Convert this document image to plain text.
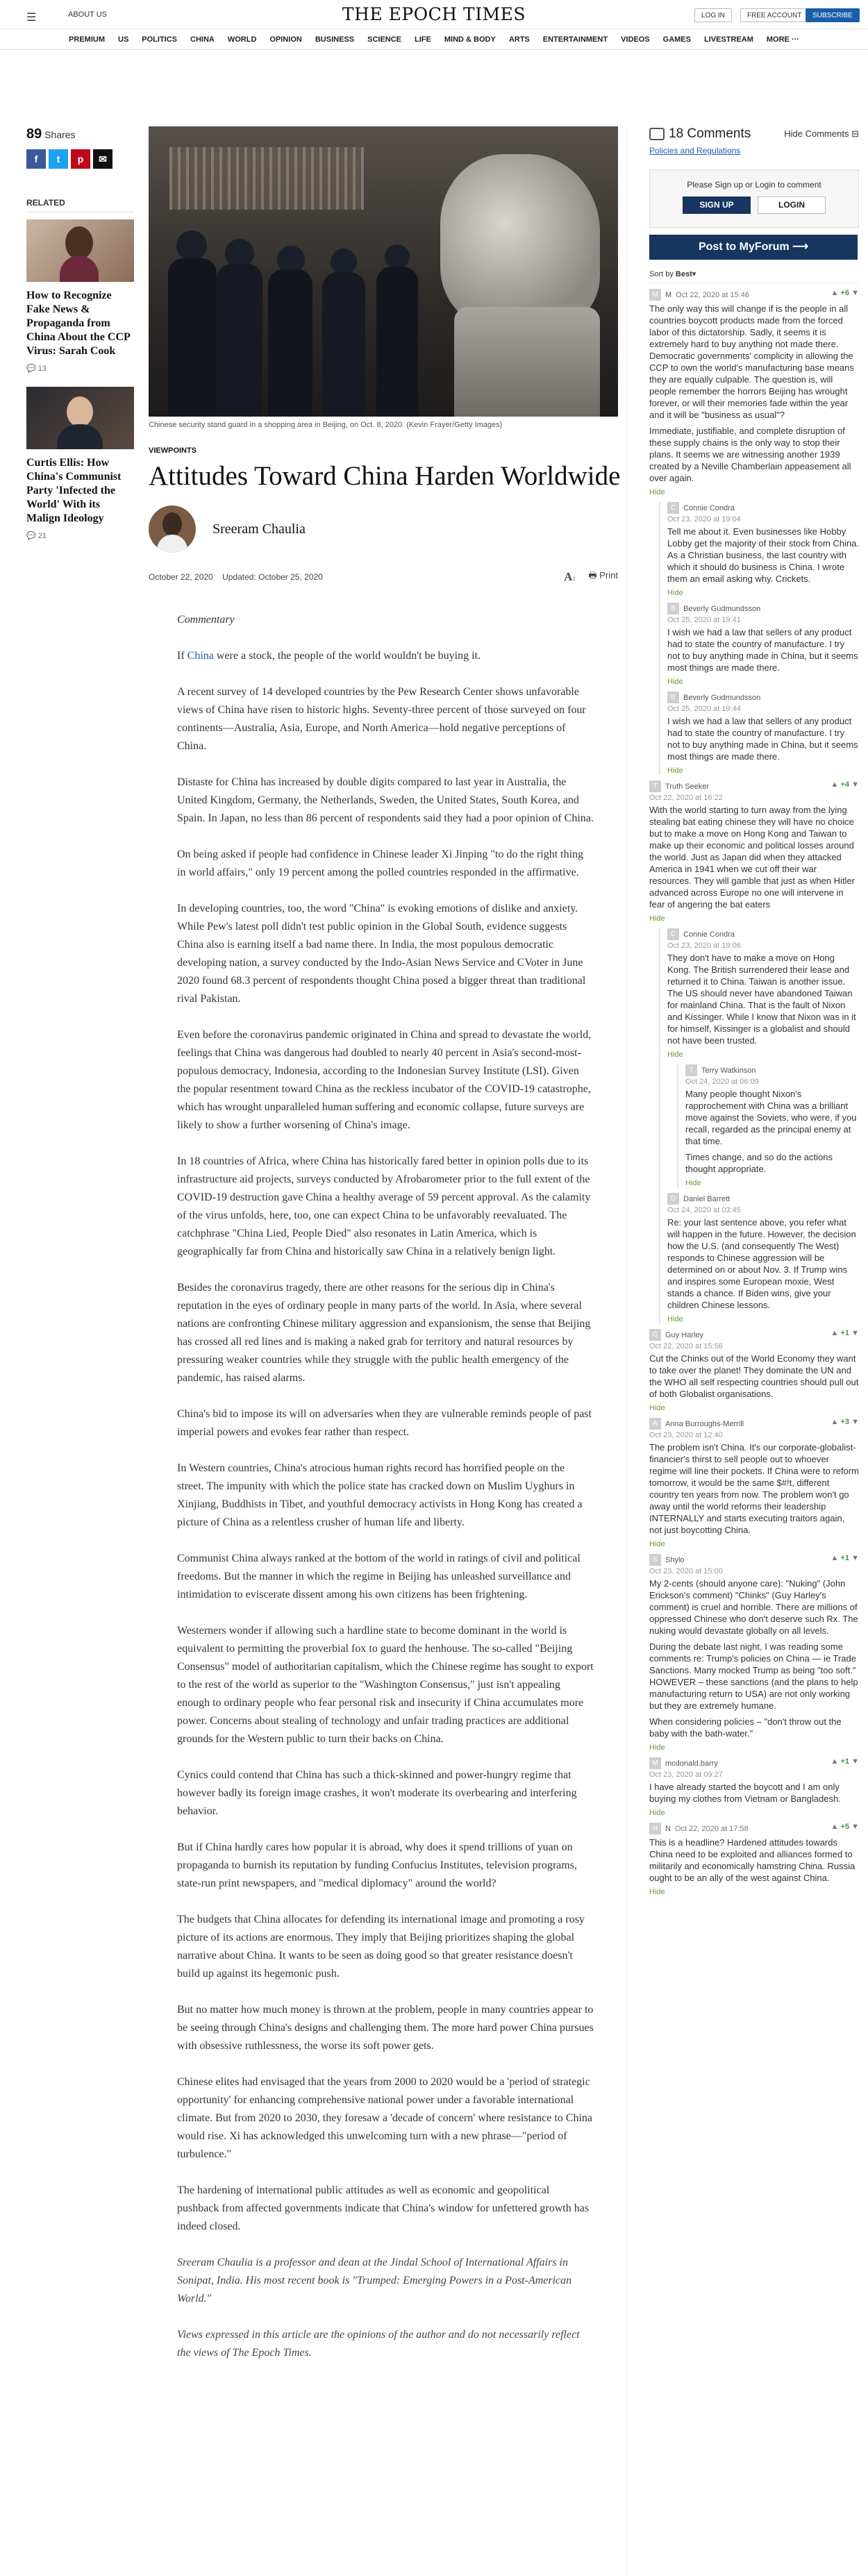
☰	ABOUT US	THE EPOCH TIMES	LOG IN	FREE ACCOUNT	SUBSCRIBE
PREMIUM US POLITICS CHINA WORLD OPINION BUSINESS SCIENCE LIFE MIND & BODY ARTS ENTERTAINMENT VIDEOS GAMES LIVESTREAM MORE ···
89 Shares
f	t	p	✉
RELATED
How to Recognize Fake News & Propaganda from China About the CCP Virus: Sarah Cook
💬 13
Curtis Ellis: How China's Communist Party 'Infected the World' With its Malign Ideology
💬 21
Chinese security stand guard in a shopping area in Beijing, on Oct. 8, 2020. (Kevin Frayer/Getty Images)
VIEWPOINTS
Attitudes Toward China Harden Worldwide
Sreeram Chaulia
October 22, 2020 Updated: October 25, 2020	A↕ 🖶 Print

Commentary

If China were a stock, the people of the world wouldn't be buying it.

A recent survey of 14 developed countries by the Pew Research Center shows unfavorable views of China have risen to historic highs. Seventy-three percent of those surveyed on four continents—Australia, Asia, Europe, and North America—hold negative perceptions of China.

Distaste for China has increased by double digits compared to last year in Australia, the United Kingdom, Germany, the Netherlands, Sweden, the United States, South Korea, and Spain. In Japan, no less than 86 percent of respondents said they had a poor opinion of China.

On being asked if people had confidence in Chinese leader Xi Jinping "to do the right thing in world affairs," only 19 percent among the polled countries responded in the affirmative.

In developing countries, too, the word "China" is evoking emotions of dislike and anxiety. While Pew's latest poll didn't test public opinion in the Global South, evidence suggests China also is earning itself a bad name there. In India, the most populous democratic developing nation, a survey conducted by the Indo-Asian News Service and CVoter in June 2020 found 68.3 percent of respondents thought China posed a bigger threat than traditional rival Pakistan.

Even before the coronavirus pandemic originated in China and spread to devastate the world, feelings that China was dangerous had doubled to nearly 40 percent in Asia's second-most-populous democracy, Indonesia, according to the Indonesian Survey Institute (LSI). Given the popular resentment toward China as the reckless incubator of the COVID-19 catastrophe, which has wrought unparalleled human suffering and economic collapse, future surveys are likely to show a further worsening of China's image.

In 18 countries of Africa, where China has historically fared better in opinion polls due to its infrastructure aid projects, surveys conducted by Afrobarometer prior to the full extent of the COVID-19 destruction gave China a healthy average of 59 percent approval. As the calamity of the virus unfolds, here, too, one can expect China to be unfavorably reevaluated. The catchphrase "China Lied, People Died" also resonates in Latin America, which is geographically far from China and historically saw China in a relatively benign light.

Besides the coronavirus tragedy, there are other reasons for the serious dip in China's reputation in the eyes of ordinary people in many parts of the world. In Asia, where several nations are confronting Chinese military aggression and expansionism, the sense that Beijing has crossed all red lines and is making a naked grab for territory and natural resources by pressuring weaker countries while they struggle with the public health emergency of the pandemic, has raised alarms.

China's bid to impose its will on adversaries when they are vulnerable reminds people of past imperial powers and evokes fear rather than respect.

In Western countries, China's atrocious human rights record has horrified people on the street. The impunity with which the police state has cracked down on Muslim Uyghurs in Xinjiang, Buddhists in Tibet, and youthful democracy activists in Hong Kong has created a picture of China as a relentless crusher of human life and liberty.

Communist China always ranked at the bottom of the world in ratings of civil and political freedoms. But the manner in which the regime in Beijing has unleashed surveillance and intimidation to eviscerate dissent among his own citizens has been frightening.

Westerners wonder if allowing such a hardline state to become dominant in the world is equivalent to permitting the proverbial fox to guard the henhouse. The so-called "Beijing Consensus" model of authoritarian capitalism, which the Chinese regime has sought to export to the rest of the world as superior to the "Washington Consensus," just isn't appealing enough to ordinary people who fear personal risk and insecurity if China accumulates more power. Concerns about stealing of technology and unfair trading practices are additional grounds for the Western public to turn their backs on China.

Cynics could contend that China has such a thick-skinned and power-hungry regime that however badly its foreign image crashes, it won't moderate its overbearing and interfering behavior.

But if China hardly cares how popular it is abroad, why does it spend trillions of yuan on propaganda to burnish its reputation by funding Confucius Institutes, television programs, state-run print newspapers, and "medical diplomacy" around the world?

The budgets that China allocates for defending its international image and promoting a rosy picture of its actions are enormous. They imply that Beijing prioritizes shaping the global narrative about China. It wants to be seen as doing good so that greater resistance doesn't build up against its hegemonic push.

But no matter how much money is thrown at the problem, people in many countries appear to be seeing through China's designs and challenging them. The more hard power China pursues with obsessive ruthlessness, the worse its soft power gets.

Chinese elites had envisaged that the years from 2000 to 2020 would be a 'period of strategic opportunity' for enhancing comprehensive national power under a favorable international climate. But from 2020 to 2030, they foresaw a 'decade of concern' where resistance to China would rise. Xi has acknowledged this unwelcoming turn with a new phrase—"period of turbulence."

The hardening of international public attitudes as well as economic and geopolitical pushback from affected governments indicate that China's window for unfettered growth has indeed closed.

Sreeram Chaulia is a professor and dean at the Jindal School of International Affairs in Sonipat, India. His most recent book is "Trumped: Emerging Powers in a Post-American World."

Views expressed in this article are the opinions of the author and do not necessarily reflect the views of The Epoch Times.

18 Comments	Hide Comments ⊟
Policies and Regulations
Please Sign up or Login to comment
SIGN UP	LOGIN
Post to MyForum ⟶
Sort by Best▾
M M Oct 22, 2020 at 15:46	▲ +6 ▼
The only way this will change if is the people in all countries boycott products made from the forced labor of this dictatorship. Sadly, it seems it is extremely hard to buy anything not made there. Democratic governments' complicity in allowing the CCP to own the world's manufacturing base means they are equally culpable. The question is, will people remember the horrors Beijing has wrought forever, or will their memories fade within the year and it will be "business as usual"?
Immediate, justifiable, and complete disruption of these supply chains is the only way to stop their plans. It seems we are witnessing another 1939 created by a Neville Chamberlain appeasement all over again.
Hide
C Connie Condra
Oct 23, 2020 at 19:04
Tell me about it. Even businesses like Hobby Lobby get the majority of their stock from China. As a Christian business, the last country with which it should do business is China. I wrote them an email asking why. Crickets.
Hide
B	Beverly Gudmundsson
Oct 25, 2020 at 19:41
I wish we had a law that sellers of any product had to state the country of manufacture. I try not to buy anything made in China, but it seems most things are made there.
Hide
B	Beverly Gudmundsson
Oct 25, 2020 at 19:44
I wish we had a law that sellers of any product had to state the country of manufacture. I try not to buy anything made in China, but it seems most things are made there.
Hide
T	Truth Seeker	▲ +4 ▼
Oct 22, 2020 at 16:22
With the world starting to turn away from the lying stealing bat eating chinese they will have no choice but to make a move on Hong Kong and Taiwan to make up their economic and political losses around the world. Just as Japan did when they attacked America in 1941 when we cut off their war resources. They will gamble that just as when Hitler advanced across Europe no one will intervene in fear of angering the bat eaters
Hide
C Connie Condra
Oct 23, 2020 at 19:06
They don't have to make a move on Hong Kong. The British surrendered their lease and returned it to China. Taiwan is another issue. The US should never have abandoned Taiwan for mainland China. That is the fault of Nixon and Kissinger. While I know that Nixon was in it for himself, Kissinger is a globalist and should not have been trusted.
Hide
T	Terry Watkinson
Oct 24, 2020 at 06:09
Many people thought Nixon's rapprochement with China was a brilliant move against the Soviets, who were, if you recall, regarded as the principal enemy at that time.
Times change, and so do the actions thought appropriate.
Hide
D Daniel Barrett
Oct 24, 2020 at 03:45
Re: your last sentence above, you refer what will happen in the future. However, the decision how the U.S. (and consequently The West) responds to Chinese aggression will be determined on or about Nov. 3. If Trump wins and inspires some European moxie, West stands a chance. If Biden wins, give your children Chinese lessons.
Hide
G Guy Harley	▲ +1 ▼
Oct 22, 2020 at 15:56
Cut the Chinks out of the World Economy they want to take over the planet! They dominate the UN and the WHO all self respecting countries should pull out of both Globalist organisations.
Hide
A	Anna Burroughs-Merrill	▲ +3 ▼
Oct 23, 2020 at 12:40
The problem isn't China. It's our corporate-globalist-financier's thirst to sell people out to whoever regime will line their pockets. If China were to reform tomorrow, it would be the same $#!t, different country ten years from now. The problem won't go away until the world reforms their leadership INTERNALLY and starts executing traitors again, not just boycotting China.
Hide
S	Shylo	▲ +1 ▼
Oct 23, 2020 at 15:00
My 2-cents (should anyone care): "Nuking" (John Erickson's comment) "Chinks" (Guy Harley's comment) is cruel and horrible. There are millions of oppressed Chinese who don't deserve such Rx. The nuking would devastate globally on all levels.
During the debate last night, I was reading some comments re: Trump's policies on China — ie Trade Sanctions. Many mocked Trump as being "too soft." HOWEVER – these sanctions (and the plans to help manufacturing return to USA) are not only working but they are extremely humane.
When considering policies – "don't throw out the baby with the bath-water."
Hide
M mcdonald.barry	▲ +1 ▼
Oct 23, 2020 at 09:27
I have already started the boycott and I am only buying my clothes from Vietnam or Bangladesh.
Hide
N N Oct 22, 2020 at 17:58	▲ +5 ▼
This is a headline? Hardened attitudes towards China need to be exploited and alliances formed to militarily and economically hamstring China. Russia ought to be an ally of the west against China.
Hide
